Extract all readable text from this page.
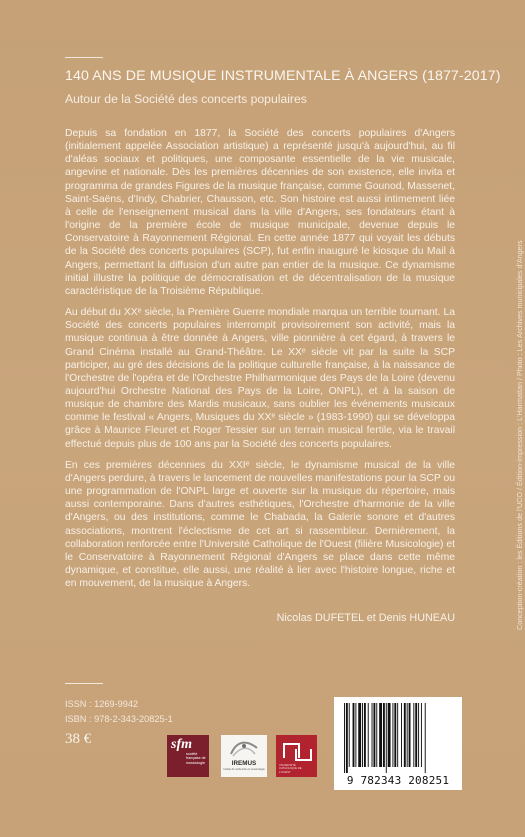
140 ANS DE MUSIQUE INSTRUMENTALE À ANGERS (1877-2017)
Autour de la Société des concerts populaires

Depuis sa fondation en 1877, la Société des concerts populaires d'Angers (initialement appelée Association artistique) a représenté jusqu'à aujourd'hui, au fil d'aléas sociaux et politiques, une composante essentielle de la vie musicale, angevine et nationale. Dès les premières décennies de son existence, elle invita et programma de grandes Figures de la musique française, comme Gounod, Massenet, Saint-Saëns, d'Indy, Chabrier, Chausson, etc. Son histoire est aussi intimement liée à celle de l'enseignement musical dans la ville d'Angers, ses fondateurs étant à l'origine de la première école de musique municipale, devenue depuis le Conservatoire à Rayonnement Régional. En cette année 1877 qui voyait les débuts de la Société des concerts populaires (SCP), fut enfin inauguré le kiosque du Mail à Angers, permettant la diffusion d'un autre pan entier de la musique. Ce dynamisme initial illustre la politique de démocratisation et de décentralisation de la musique caractéristique de la Troisième République.

Au début du XXᵉ siècle, la Première Guerre mondiale marqua un terrible tournant. La Société des concerts populaires interrompit provisoirement son activité, mais la musique continua à être donnée à Angers, ville pionnière à cet égard, à travers le Grand Cinéma installé au Grand-Théâtre. Le XXᵉ siècle vit par la suite la SCP participer, au gré des décisions de la politique culturelle française, à la naissance de l'Orchestre de l'opéra et de l'Orchestre Philharmonique des Pays de la Loire (devenu aujourd'hui Orchestre National des Pays de la Loire, ONPL), et à la saison de musique de chambre des Mardis musicaux, sans oublier les événements musicaux comme le festival « Angers, Musiques du XXᵉ siècle » (1983-1990) qui se développa grâce à Maurice Fleuret et Roger Tessier sur un terrain musical fertile, via le travail effectué depuis plus de 100 ans par la Société des concerts populaires.

En ces premières décennies du XXIᵉ siècle, le dynamisme musical de la ville d'Angers perdure, à travers le lancement de nouvelles manifestations pour la SCP ou une programmation de l'ONPL large et ouverte sur la musique du répertoire, mais aussi contemporaine. Dans d'autres esthétiques, l'Orchestre d'harmonie de la ville d'Angers, ou des institutions, comme le Chabada, la Galerie sonore et d'autres associations, montrent l'éclectisme de cet art si rassembleur. Dernièrement, la collaboration renforcée entre l'Université Catholique de l'Ouest (filière Musicologie) et le Conservatoire à Rayonnement Régional d'Angers se place dans cette même dynamique, et constitue, elle aussi, une réalité à lier avec l'histoire longue, riche et en mouvement, de la musique à Angers.

Nicolas DUFETEL et Denis HUNEAU	Conception-création : les Éditions de l'UCO / Édition-impression : L'Harmattan / Photo : Les Archives municipales d'Angers
ISSN : 1269-9942
ISBN : 978-2-343-20825-1
38 €	sfm
société française de musicologie	IREMUS
Institut de recherche en musicologie
UNIVERSITÉ CATHOLIQUE DE L'OUEST
9 782343 208251
